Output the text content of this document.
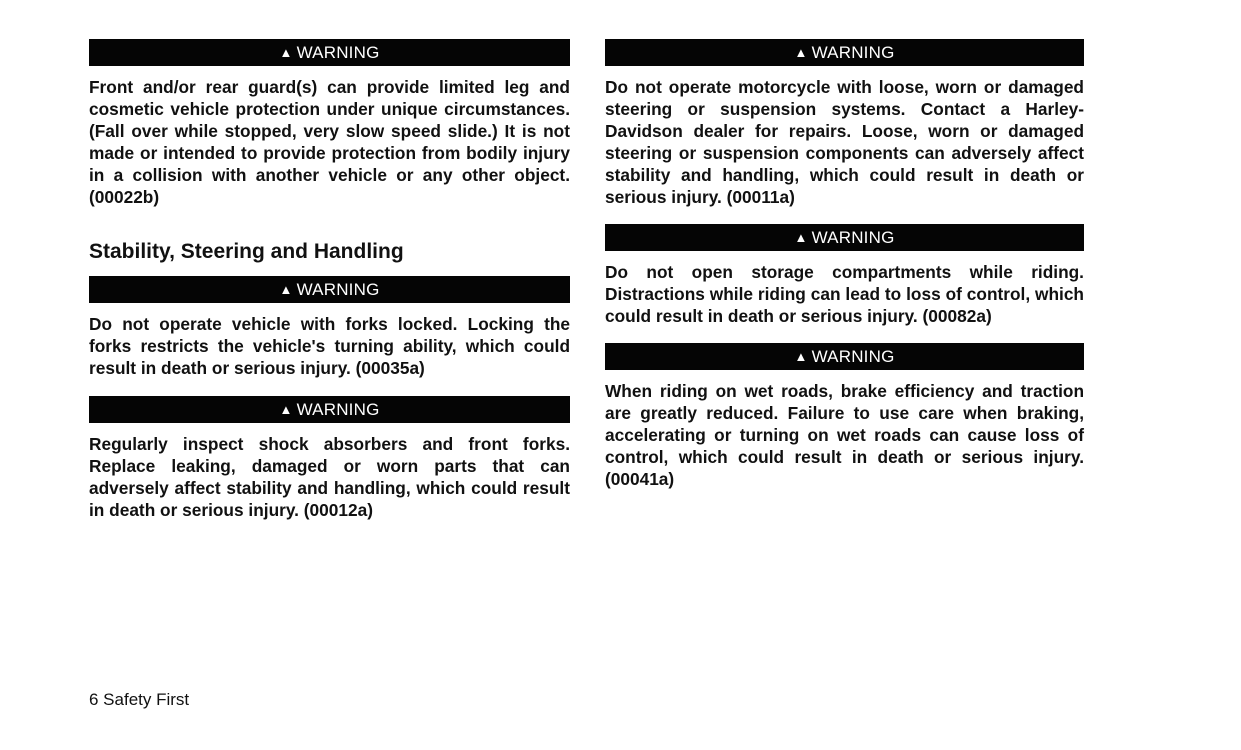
▲ WARNING

Front and/or rear guard(s) can provide limited leg and cosmetic vehicle protection under unique circumstances. (Fall over while stopped, very slow speed slide.) It is not made or intended to provide protection from bodily injury in a collision with another vehicle or any other object. (00022b)

Stability, Steering and Handling
▲ WARNING

Do not operate vehicle with forks locked. Locking the forks restricts the vehicle's turning ability, which could result in death or serious injury. (00035a)

▲ WARNING

Regularly inspect shock absorbers and front forks. Replace leaking, damaged or worn parts that can adversely affect stability and handling, which could result in death or serious injury. (00012a)

▲ WARNING

Do not operate motorcycle with loose, worn or damaged steering or suspension systems. Contact a Harley-Davidson dealer for repairs. Loose, worn or damaged steering or suspension components can adversely affect stability and handling, which could result in death or serious injury. (00011a)

▲ WARNING

Do not open storage compartments while riding. Distractions while riding can lead to loss of control, which could result in death or serious injury. (00082a)

▲ WARNING

When riding on wet roads, brake efficiency and traction are greatly reduced. Failure to use care when braking, accelerating or turning on wet roads can cause loss of control, which could result in death or serious injury. (00041a)

6 Safety First
